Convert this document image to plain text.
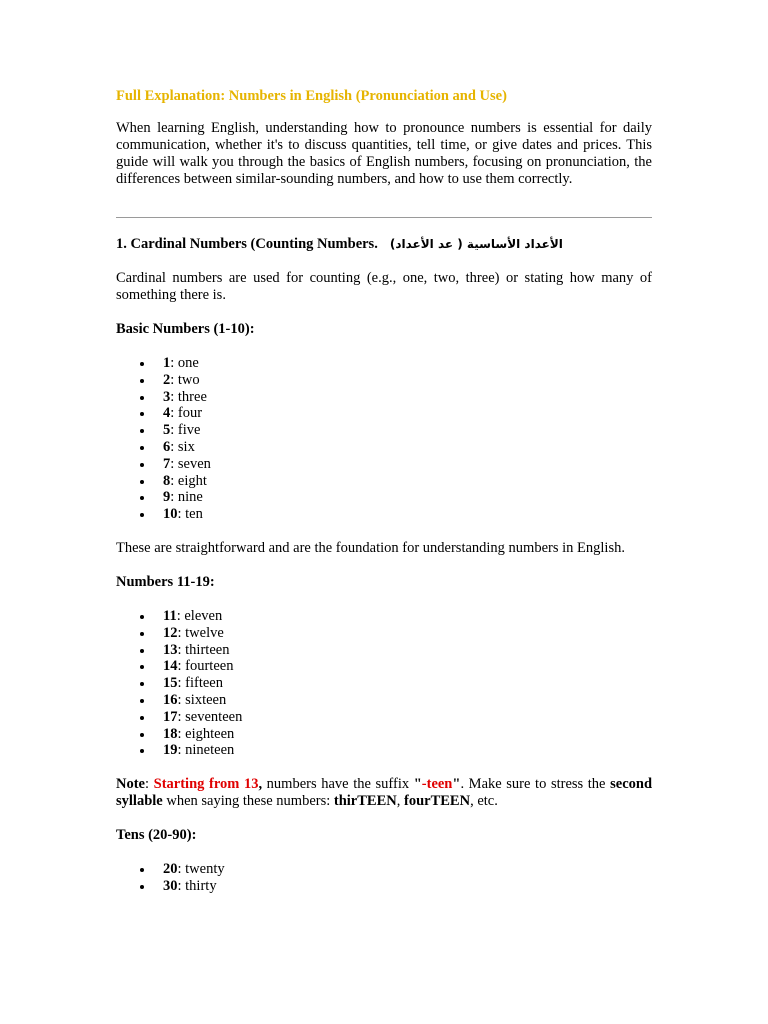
Full Explanation: Numbers in English (Pronunciation and Use)

When learning English, understanding how to pronounce numbers is essential for daily communication, whether it's to discuss quantities, tell time, or give dates and prices. This guide will walk you through the basics of English numbers, focusing on pronunciation, the differences between similar-sounding numbers, and how to use them correctly.

1. Cardinal Numbers (Counting Numbers. الأعداد الأساسية ( عد الأعداد)

Cardinal numbers are used for counting (e.g., one, two, three) or stating how many of something there is.

Basic Numbers (1-10):

1: one
2: two
3: three
4: four
5: five
6: six
7: seven
8: eight
9: nine
10: ten

These are straightforward and are the foundation for understanding numbers in English.

Numbers 11-19:

11: eleven
12: twelve
13: thirteen
14: fourteen
15: fifteen
16: sixteen
17: seventeen
18: eighteen
19: nineteen

Note: Starting from 13, numbers have the suffix "-teen". Make sure to stress the second syllable when saying these numbers: thirTEEN, fourTEEN, etc.

Tens (20-90):

20: twenty
30: thirty
